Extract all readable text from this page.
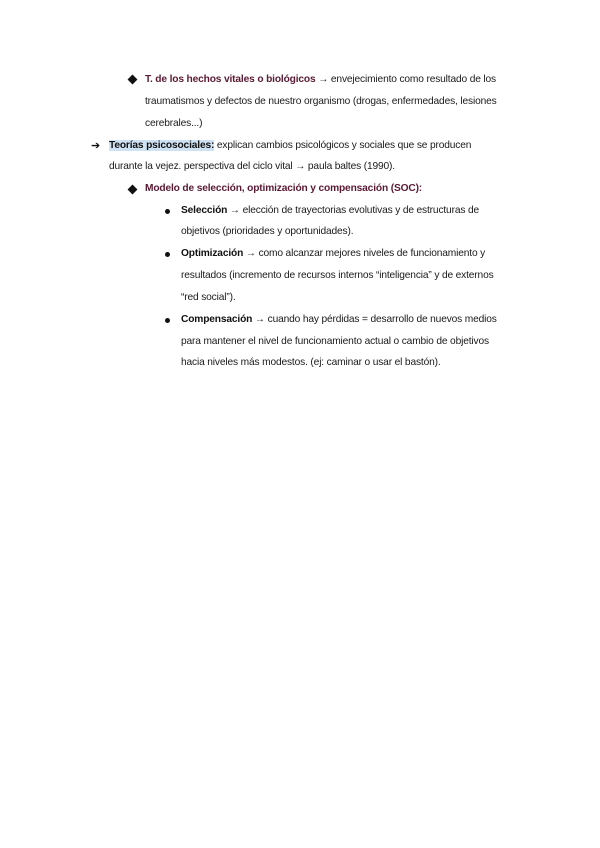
T. de los hechos vitales o biológicos → envejecimiento como resultado de los
traumatismos y defectos de nuestro organismo (drogas, enfermedades, lesiones
cerebrales...)
➔ Teorías psicosociales: explican cambios psicológicos y sociales que se producen
durante la vejez. perspectiva del ciclo vital → paula baltes (1990).
Modelo de selección, optimización y compensación (SOC):
Selección → elección de trayectorias evolutivas y de estructuras de
objetivos (prioridades y oportunidades).
Optimización → como alcanzar mejores niveles de funcionamiento y
resultados (incremento de recursos internos “inteligencia” y de externos
“red social”).
Compensación → cuando hay pérdidas = desarrollo de nuevos medios
para mantener el nivel de funcionamiento actual o cambio de objetivos
hacia niveles más modestos. (ej: caminar o usar el bastón).
